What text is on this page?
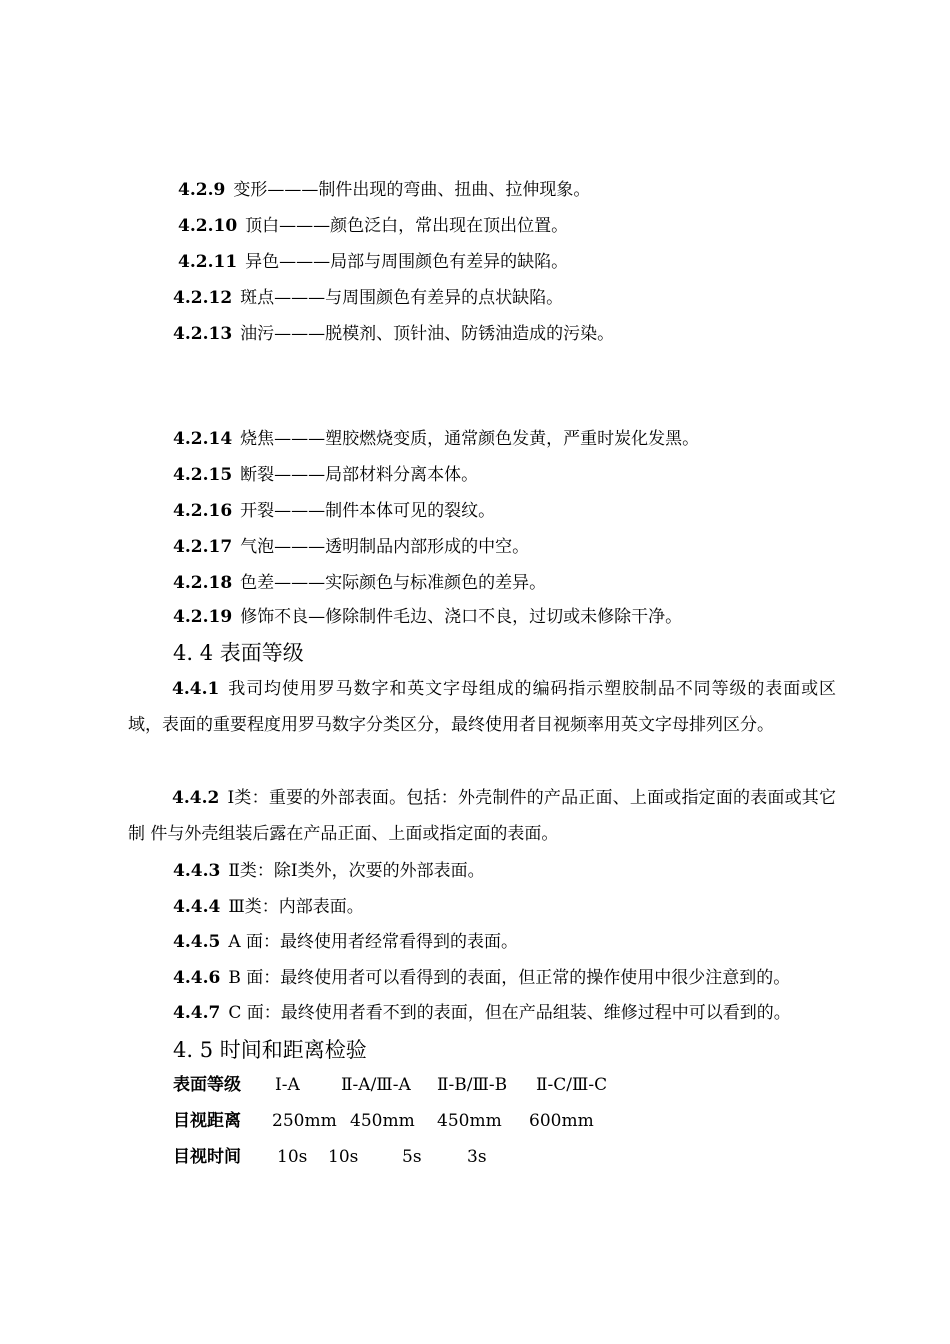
4.2.9 变形———制件出现的弯曲、扭曲、拉伸现象。
4.2.10 顶白———颜色泛白，常出现在顶出位置。
4.2.11 异色———局部与周围颜色有差异的缺陷。
4.2.12 斑点———与周围颜色有差异的点状缺陷。
4.2.13 油污———脱模剂、顶针油、防锈油造成的污染。
4.2.14 烧焦———塑胶燃烧变质，通常颜色发黄，严重时炭化发黑。
4.2.15 断裂———局部材料分离本体。
4.2.16 开裂———制件本体可见的裂纹。
4.2.17 气泡———透明制品内部形成的中空。
4.2.18 色差———实际颜色与标准颜色的差异。
4.2.19 修饰不良—修除制件毛边、浇口不良，过切或未修除干净。
4. 4 表面等级
4.4.1 我司均使用罗马数字和英文字母组成的编码指示塑胶制品不同等级的表面或区域，表面的重要程度用罗马数字分类区分，最终使用者目视频率用英文字母排列区分。
4.4.2 Ⅰ类：重要的外部表面。包括：外壳制件的产品正面、上面或指定面的表面或其它制 件与外壳组装后露在产品正面、上面或指定面的表面。
4.4.3 Ⅱ类：除Ⅰ类外，次要的外部表面。
4.4.4 Ⅲ类：内部表面。
4.4.5 A 面：最终使用者经常看得到的表面。
4.4.6 B 面：最终使用者可以看得到的表面，但正常的操作使用中很少注意到的。
4.4.7 C 面：最终使用者看不到的表面，但在产品组装、维修过程中可以看到的。
4. 5 时间和距离检验
表面等级 Ⅰ-A Ⅱ-A/Ⅲ-A Ⅱ-B/Ⅲ-B Ⅱ-C/Ⅲ-C
目视距离 250mm 450mm 450mm 600mm
目视时间 10s 10s	5s	3s
